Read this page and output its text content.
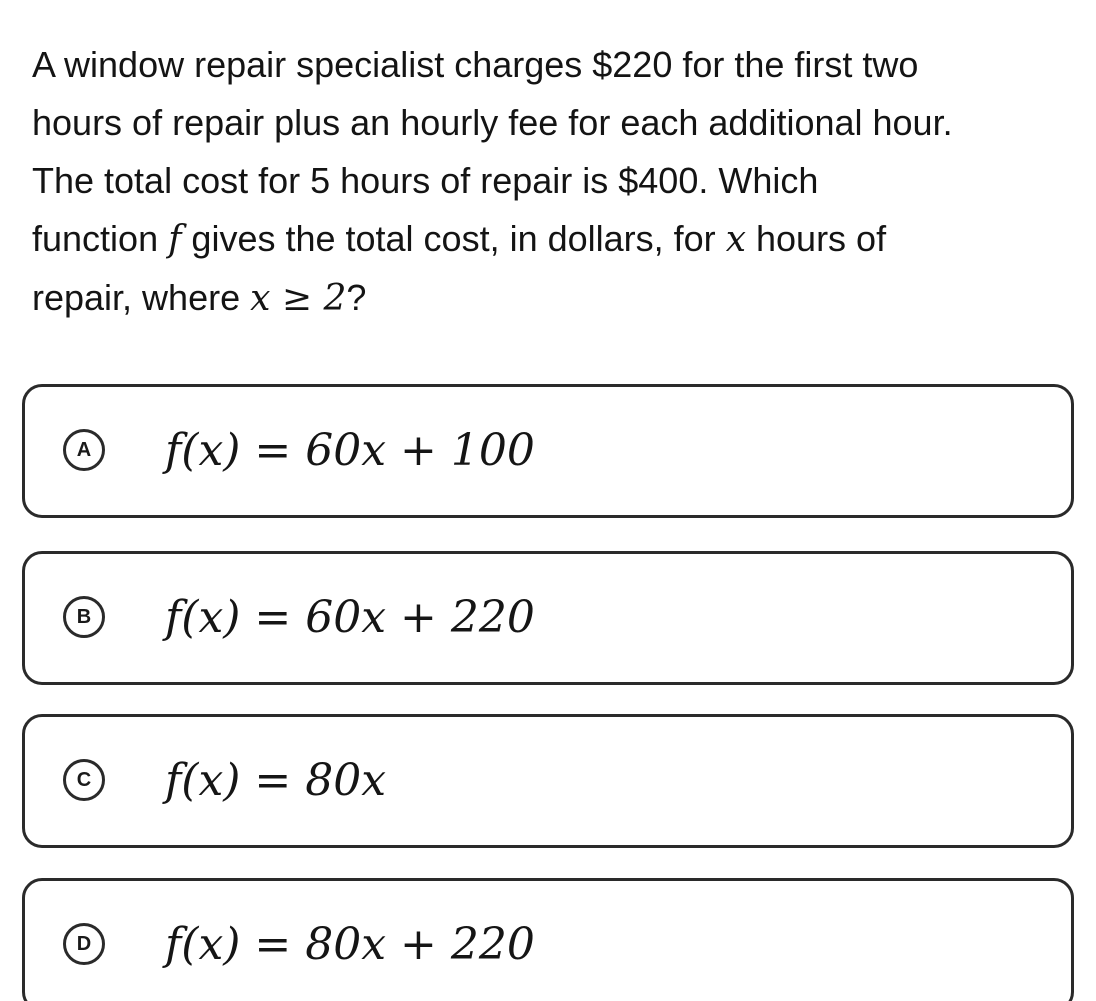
A window repair specialist charges $220 for the first two
hours of repair plus an hourly fee for each additional hour.
The total cost for 5 hours of repair is $400. Which
function f gives the total cost, in dollars, for x hours of
repair, where x ≥ 2?
A	f(x) = 60x + 100
B	f(x) = 60x + 220
C	f(x) = 80x
D	f(x) = 80x + 220
